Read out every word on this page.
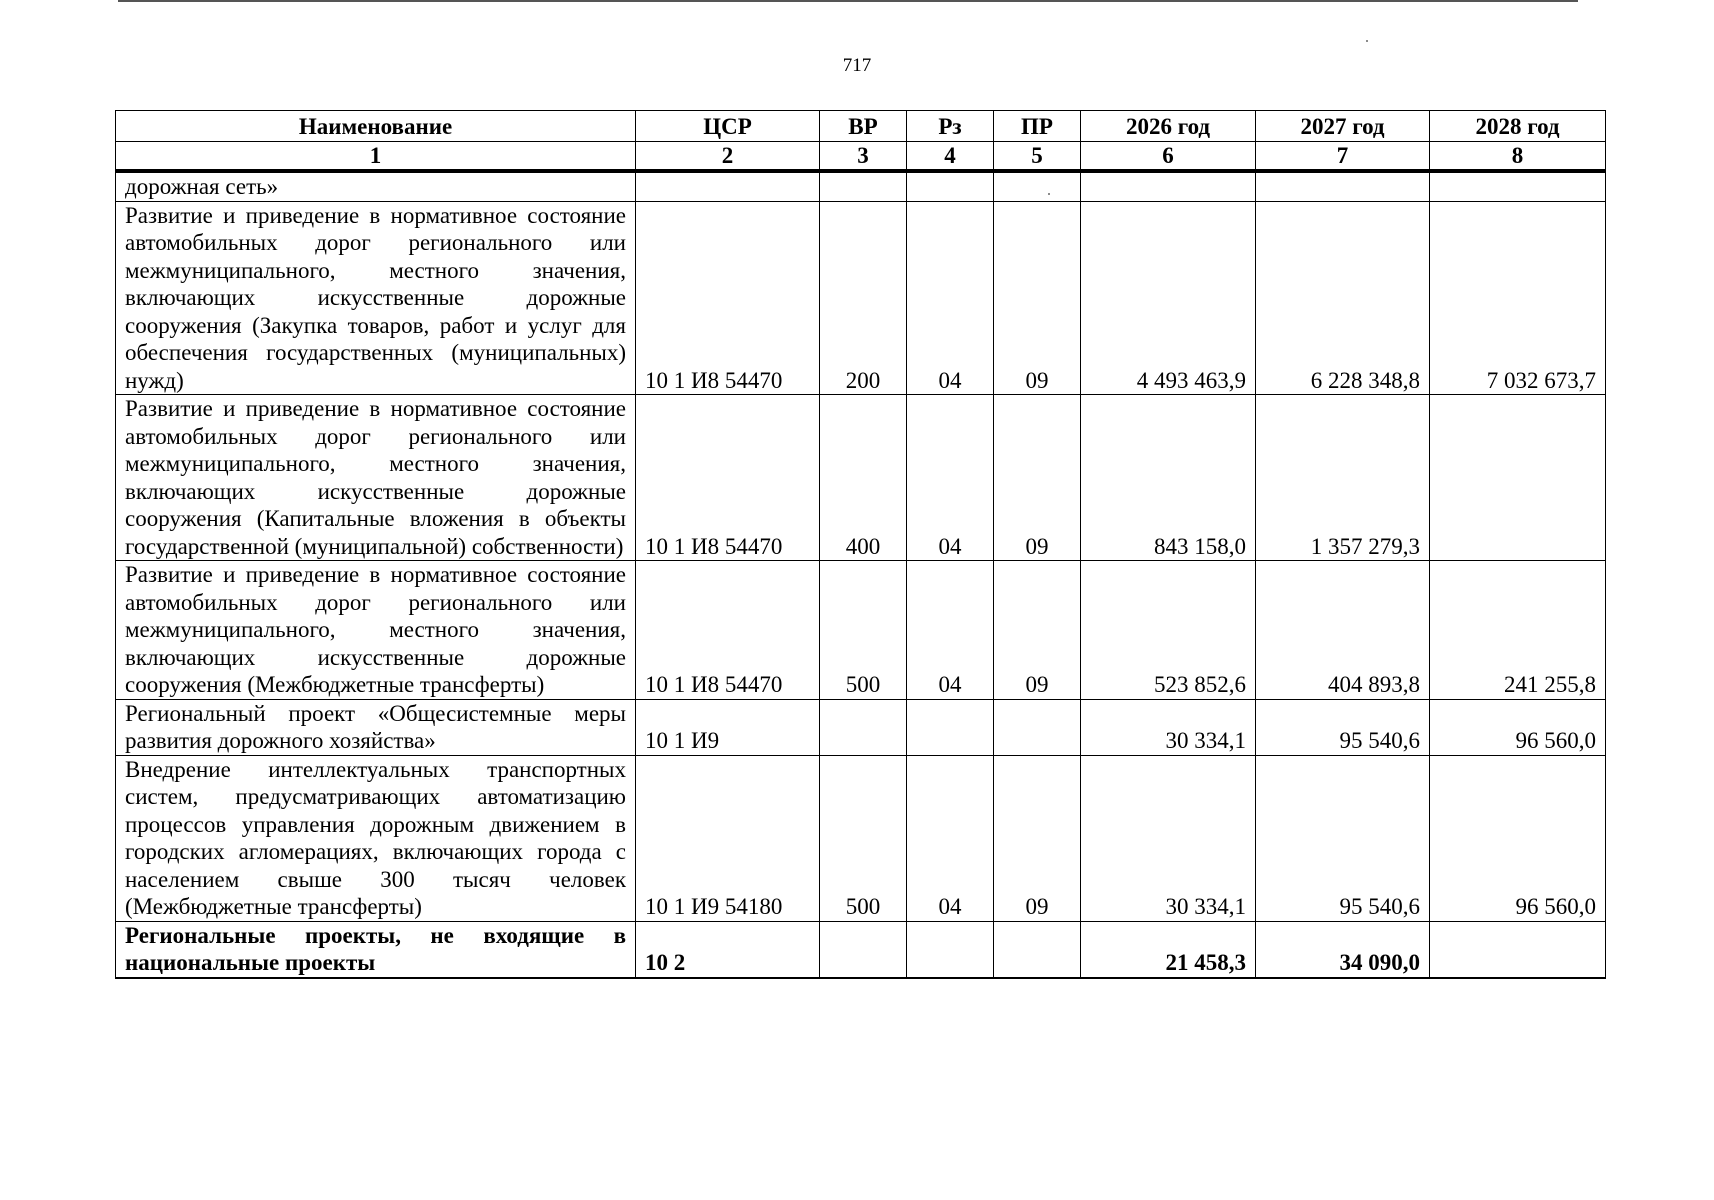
717
Наименование	ЦСР	ВР	Рз	ПР	2026 год	2027 год	2028 год
1	2	3	4	5	6	7	8
дорожная сеть»							
Развитие и приведение в нормативное состояние автомобильных дорог регионального или межмуниципального, местного значения, включающих искусственные дорожные сооружения (Закупка товаров, работ и услуг для обеспечения государственных (муниципальных) нужд)	10 1 И8 54470	200	04	09	4 493 463,9	6 228 348,8	7 032 673,7
Развитие и приведение в нормативное состояние автомобильных дорог регионального или межмуниципального, местного значения, включающих искусственные дорожные сооружения (Капитальные вложения в объекты государственной (муниципальной) собственности)	10 1 И8 54470	400	04	09	843 158,0	1 357 279,3	
Развитие и приведение в нормативное состояние автомобильных дорог регионального или межмуниципального, местного значения, включающих искусственные дорожные сооружения (Межбюджетные трансферты)	10 1 И8 54470	500	04	09	523 852,6	404 893,8	241 255,8
Региональный проект «Общесистемные меры развития дорожного хозяйства»	10 1 И9				30 334,1	95 540,6	96 560,0
Внедрение интеллектуальных транспортных систем, предусматривающих автоматизацию процессов управления дорожным движением в городских агломерациях, включающих города с населением свыше 300 тысяч человек (Межбюджетные трансферты)	10 1 И9 54180	500	04	09	30 334,1	95 540,6	96 560,0
Региональные проекты, не входящие в национальные проекты	10 2				21 458,3	34 090,0	
